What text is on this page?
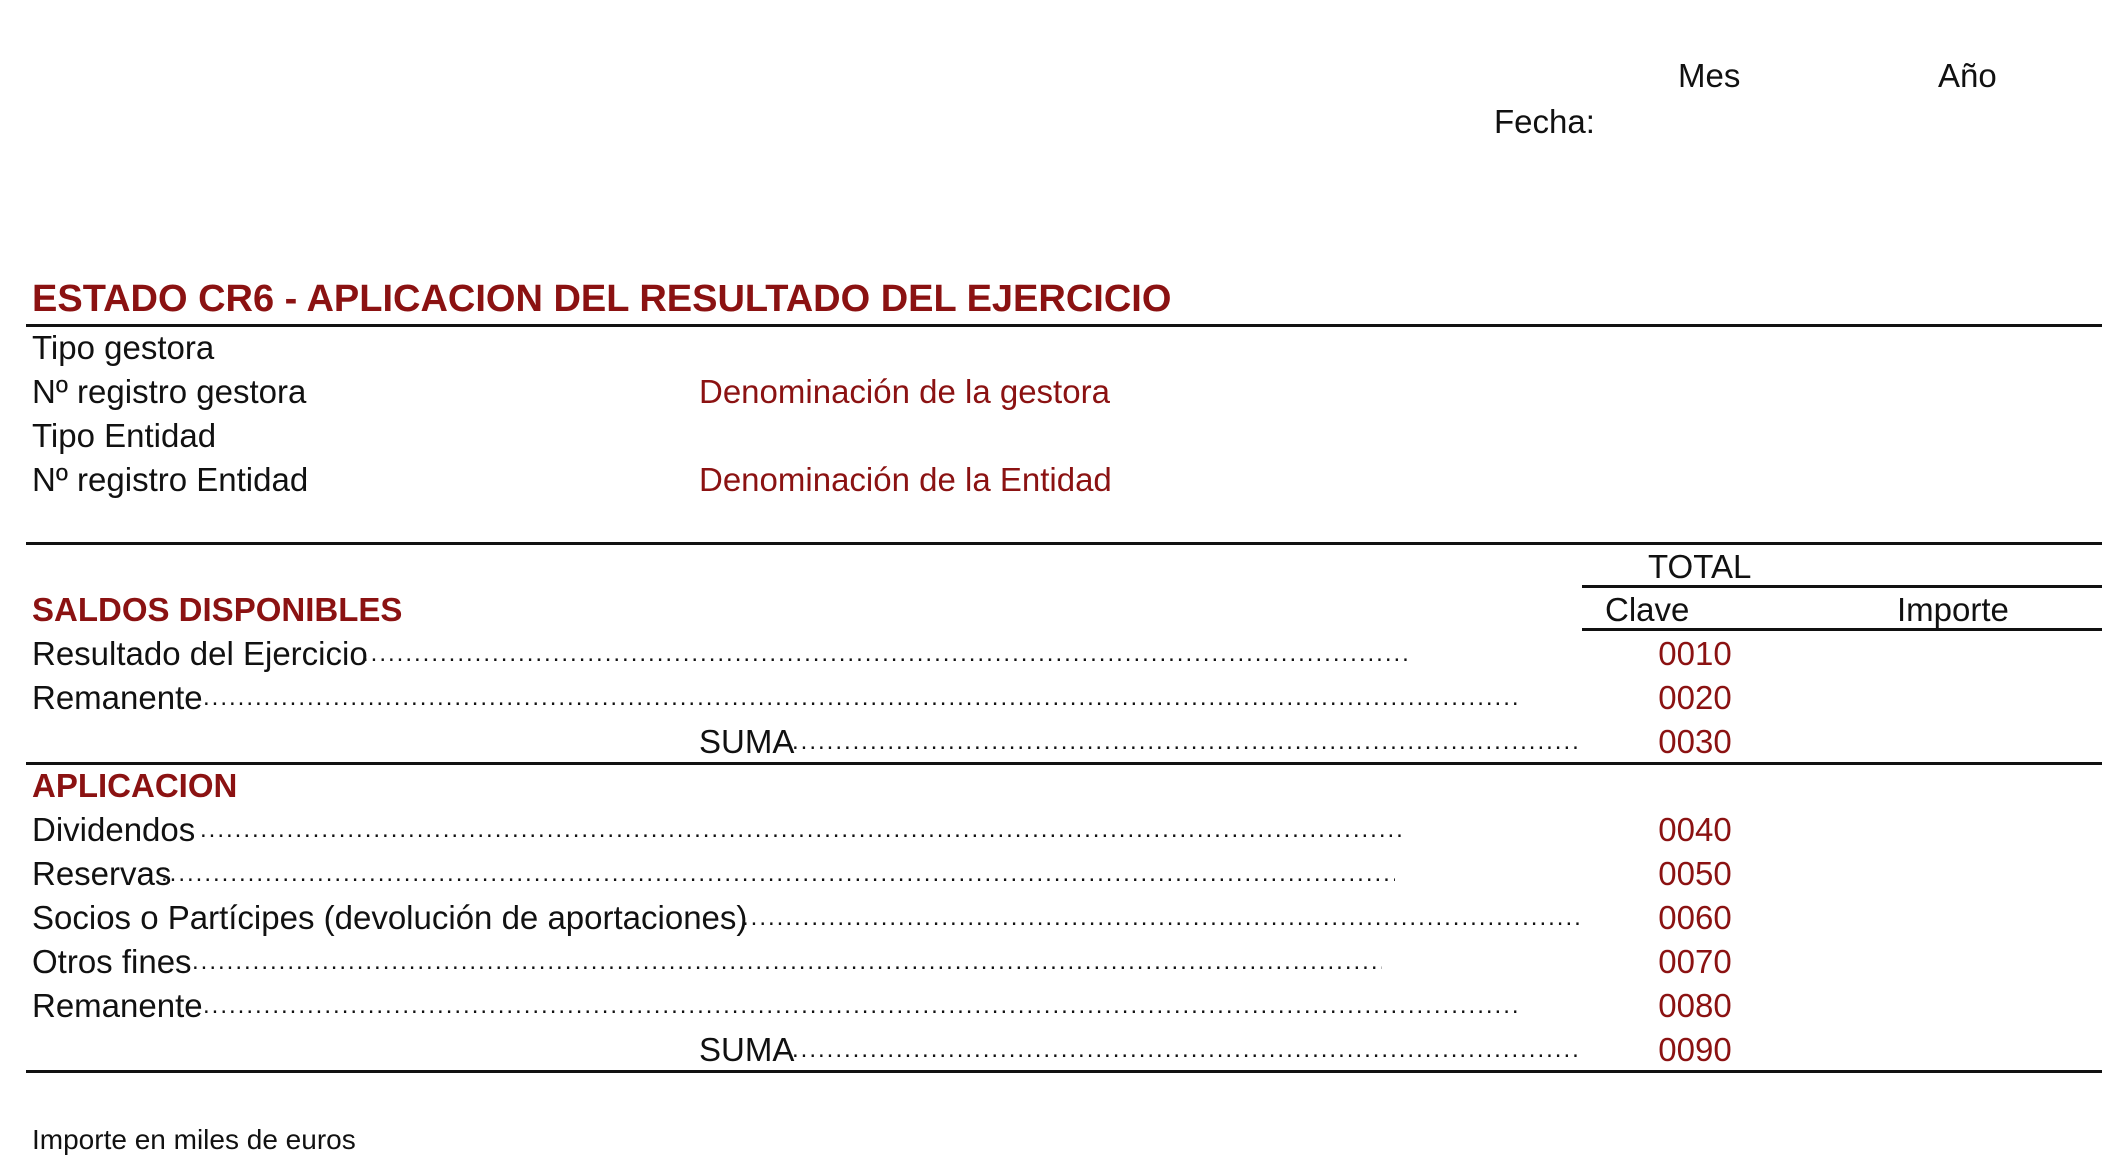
Mes	Año
Fecha:
ESTADO CR6 - APLICACION DEL RESULTADO DEL EJERCICIO
Tipo gestora
Nº registro gestora	Denominación de la gestora
Tipo Entidad
Nº registro Entidad	Denominación de la Entidad
TOTAL
SALDOS DISPONIBLES	Clave	Importe
Resultado del Ejercicio .....	0010
Remanente .....	0020
SUMA .....	0030
APLICACION
Dividendos .....	0040
Reservas .....	0050
Socios o Partícipes (devolución de aportaciones) .....	0060
Otros fines .....	0070
Remanente .....	0080
SUMA .....	0090
Importe en miles de euros
